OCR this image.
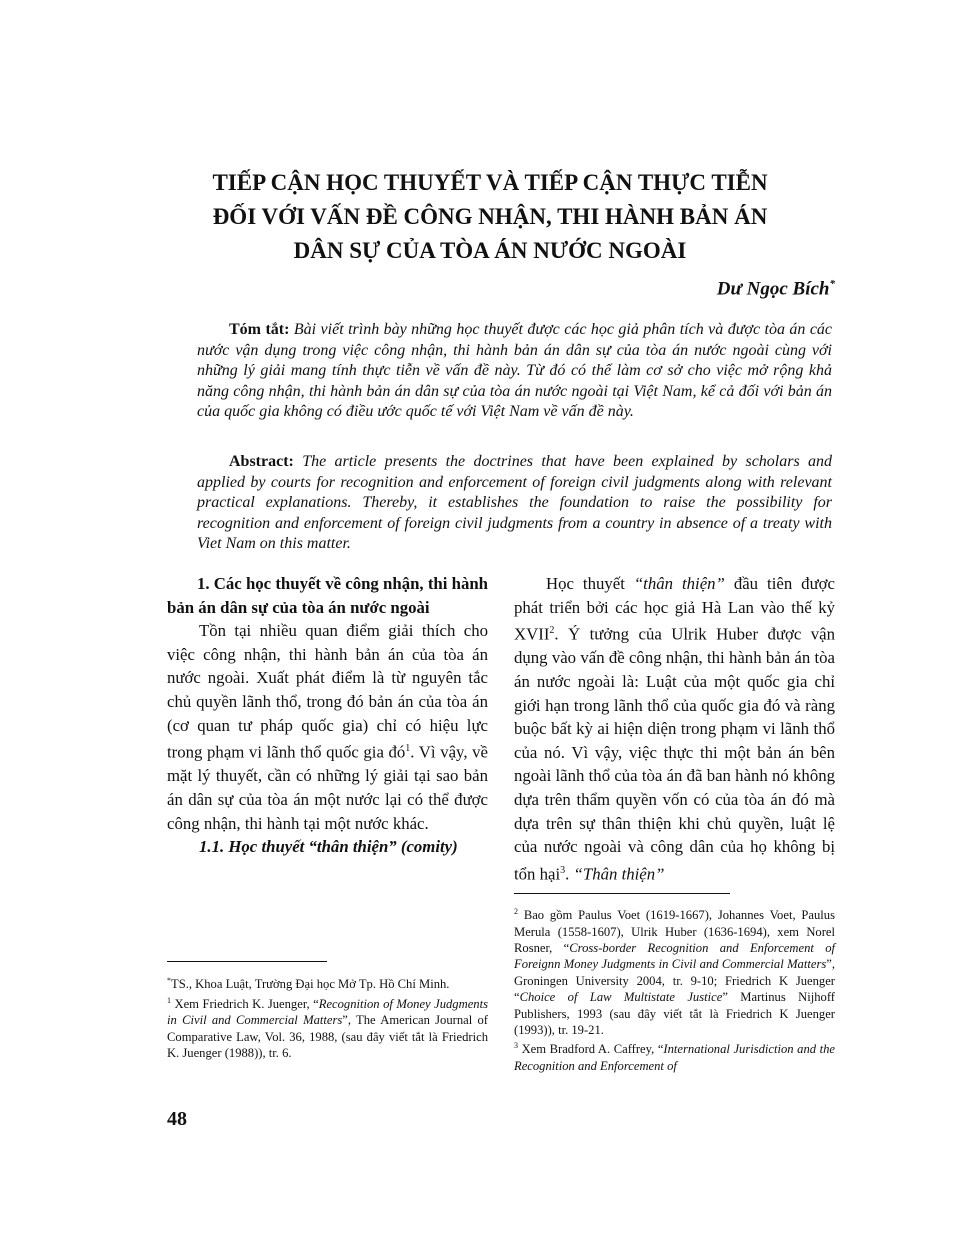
TIẾP CẬN HỌC THUYẾT VÀ TIẾP CẬN THỰC TIỄN
ĐỐI VỚI VẤN ĐỀ CÔNG NHẬN, THI HÀNH BẢN ÁN
DÂN SỰ CỦA TÒA ÁN NƯỚC NGOÀI
Dư Ngọc Bích*
Tóm tắt: Bài viết trình bày những học thuyết được các học giả phân tích và được tòa án các nước vận dụng trong việc công nhận, thi hành bản án dân sự của tòa án nước ngoài cùng với những lý giải mang tính thực tiễn về vấn đề này. Từ đó có thể làm cơ sở cho việc mở rộng khả năng công nhận, thi hành bản án dân sự của tòa án nước ngoài tại Việt Nam, kể cả đối với bản án của quốc gia không có điều ước quốc tế với Việt Nam về vấn đề này.
Abstract: The article presents the doctrines that have been explained by scholars and applied by courts for recognition and enforcement of foreign civil judgments along with relevant practical explanations. Thereby, it establishes the foundation to raise the possibility for recognition and enforcement of foreign civil judgments from a country in absence of a treaty with Viet Nam on this matter.
1. Các học thuyết về công nhận, thi hành bản án dân sự của tòa án nước ngoài

Tồn tại nhiều quan điểm giải thích cho việc công nhận, thi hành bản án của tòa án nước ngoài. Xuất phát điểm là từ nguyên tắc chủ quyền lãnh thổ, trong đó bản án của tòa án (cơ quan tư pháp quốc gia) chỉ có hiệu lực trong phạm vi lãnh thổ quốc gia $đó^1$. Vì vậy, về mặt lý thuyết, cần có những lý giải tại sao bản án dân sự của tòa án một nước lại có thể được công nhận, thi hành tại một nước khác.

1.1. Học thuyết “thân thiện” (comity)

Học thuyết “thân thiện” đầu tiên được phát triển bởi các học giả Hà Lan vào thế kỷ XVII$^2$. Ý tưởng của Ulrik Huber được vận dụng vào vấn đề công nhận, thi hành bản án tòa án nước ngoài là: Luật của một quốc gia chỉ giới hạn trong lãnh thổ của quốc gia đó và ràng buộc bất kỳ ai hiện diện trong phạm vi lãnh thổ của nó. Vì vậy, việc thực thi một bản án bên ngoài lãnh thổ của tòa án đã ban hành nó không dựa trên thẩm quyền vốn có của tòa án đó mà dựa trên sự thân thiện khi chủ quyền, luật lệ của nước ngoài và công dân của họ không bị tổn hại$^3$. “Thân thiện”

*TS., Khoa Luật, Trường Đại học Mở Tp. Hồ Chí Minh.

$^1$ Xem Friedrich K. Juenger, “Recognition of Money Judgments in Civil and Commercial Matters”, The American Journal of Comparative Law, Vol. 36, 1988, (sau đây viết tắt là Friedrich K. Juenger (1988)), tr. 6.

$^2$ Bao gồm Paulus Voet (1619-1667), Johannes Voet, Paulus Merula (1558-1607), Ulrik Huber (1636-1694), xem Norel Rosner, “Cross-border Recognition and Enforcement of Foreignn Money Judgments in Civil and Commercial Matters”, Groningen University 2004, tr. 9-10; Friedrich K Juenger “Choice of Law Multistate Justice” Martinus Nijhoff Publishers, 1993 (sau đây viết tắt là Friedrich K Juenger (1993)), tr. 19-21.

$^3$ Xem Bradford A. Caffrey, “International Jurisdiction and the Recognition and Enforcement of

48
